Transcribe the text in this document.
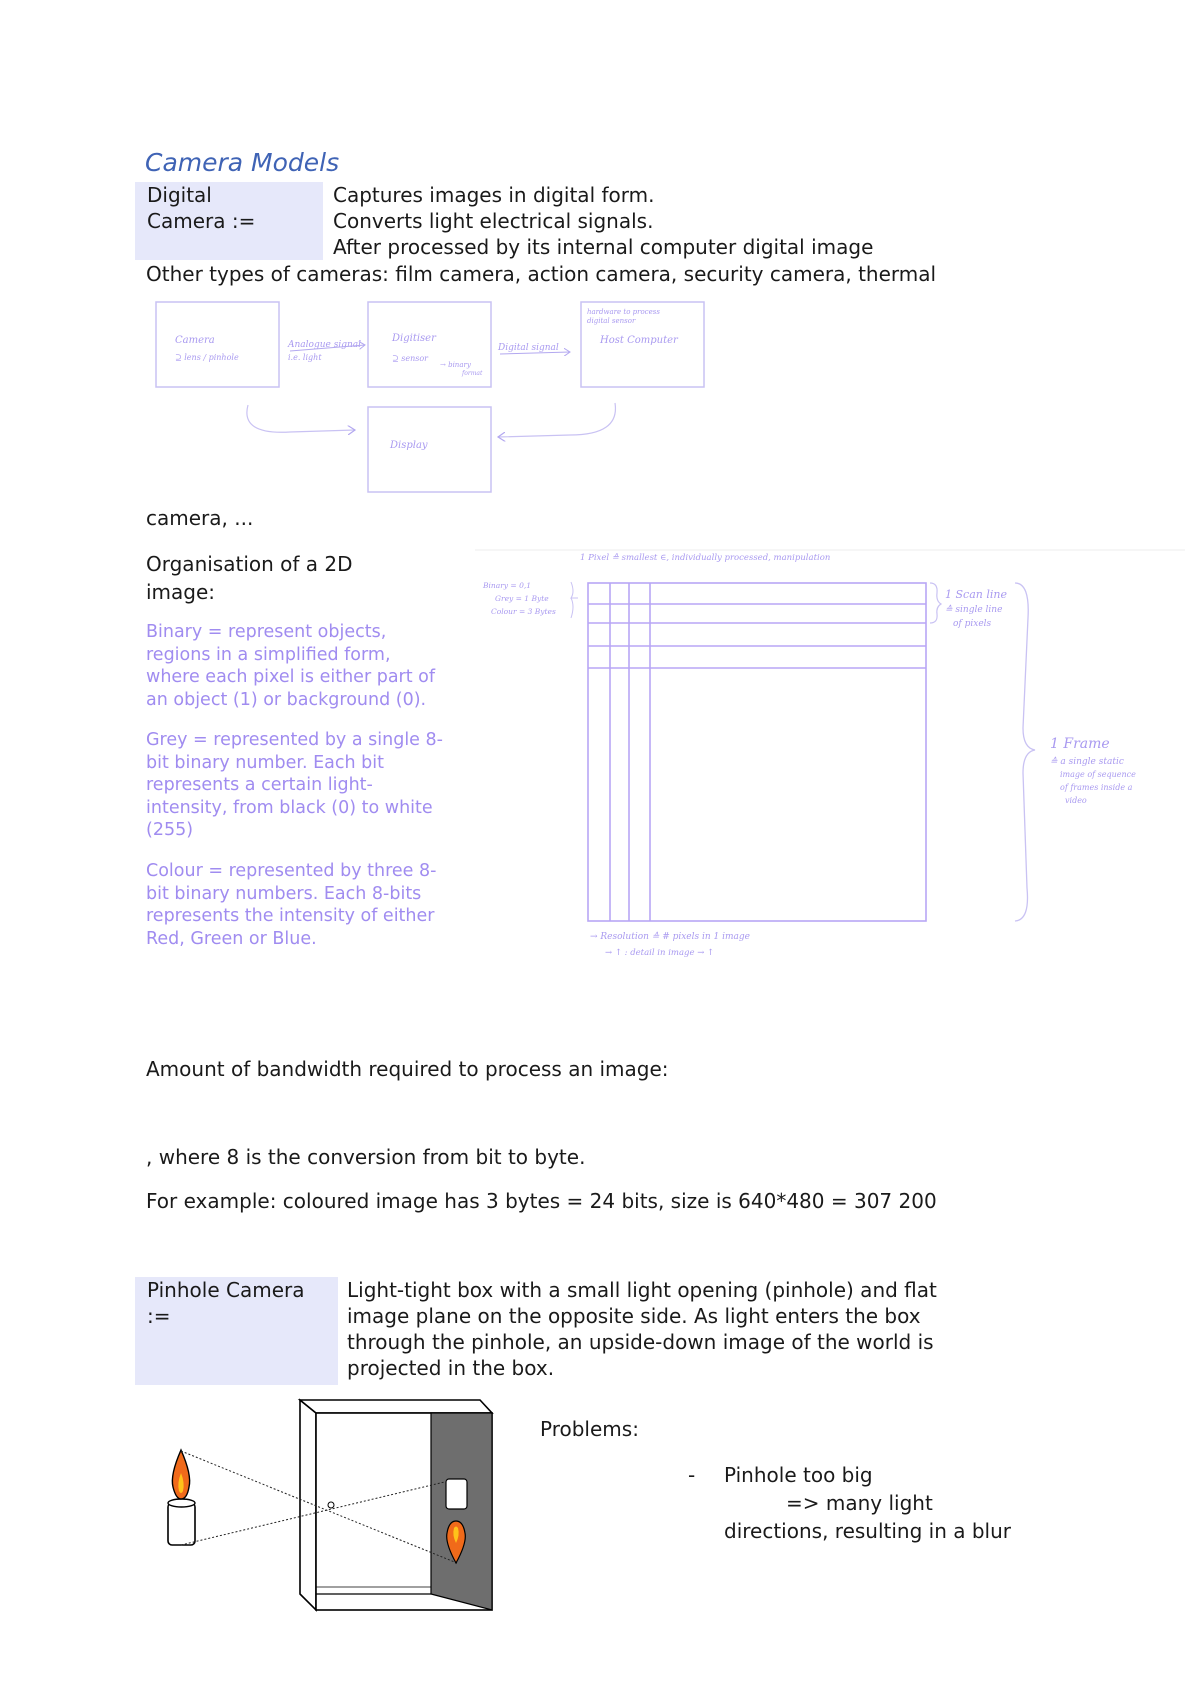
Camera Models
Digital
Camera :=
Captures images in digital form.
Converts light electrical signals.
After processed by its internal computer digital image
Other types of cameras: film camera, action camera, security camera, thermal
Camera
⊇ lens / pinhole
Analogue signal
i.e. light
Digitiser
⊇ sensor
→ binary
format
Digital signal
hardware to process
digital sensor
Host Computer
Display
camera, ...
Organisation of a 2D
image:
Binary = represent objects,
regions in a simplified form,
where each pixel is either part of
an object (1) or background (0).
Grey = represented by a single 8-
bit binary number. Each bit
represents a certain light-
intensity, from black (0) to white
(255)
Colour = represented by three 8-
bit binary numbers. Each 8-bits
represents the intensity of either
Red, Green or Blue.
1 Pixel ≙ smallest ∈, individually processed, manipulation
Binary = 0,1
Grey = 1 Byte
Colour = 3 Bytes
1 Scan line
≙ single line
of pixels
1 Frame
≙ a single static
image of sequence
of frames inside a
video
→ Resolution ≙ # pixels in 1 image
→ ↑ : detail in image → ↑
Amount of bandwidth required to process an image:
, where 8 is the conversion from bit to byte.
For example: coloured image has 3 bytes = 24 bits, size is 640*480 = 307 200
Pinhole Camera
:=
Light-tight box with a small light opening (pinhole) and flat
image plane on the opposite side. As light enters the box
through the pinhole, an upside-down image of the world is
projected in the box.
Problems:
- Pinhole too big
=> many light
directions, resulting in a blur
